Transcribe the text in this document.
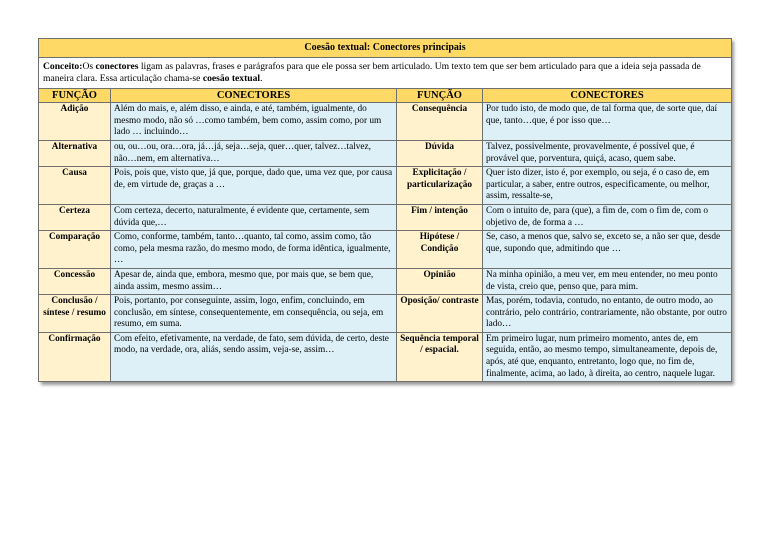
Coesão textual: Conectores principais			
Conceito:Os conectores ligam as palavras, frases e parágrafos para que ele possa ser bem articulado. Um texto tem que ser bem articulado para que a ideia seja passada de maneira clara. Essa articulação chama-se coesão textual.			
FUNÇÃO	CONECTORES	FUNÇÃO	CONECTORES
Adição	Além do mais, e, além disso, e ainda, e até, também, igualmente, do mesmo modo, não só …como também, bem como, assim como, por um lado … incluindo…	Consequência	Por tudo isto, de modo que, de tal forma que, de sorte que, daí que, tanto…que, é por isso que…
Alternativa	ou, ou…ou, ora…ora, já…já, seja…seja, quer…quer, talvez…talvez, não…nem, em alternativa…	Dúvida	Talvez, possivelmente, provavelmente, é possível que, é provável que, porventura, quiçá, acaso, quem sabe.
Causa	Pois, pois que, visto que, já que, porque, dado que, uma vez que, por causa de, em virtude de, graças a …	Explicitação / particularização	Quer isto dizer, isto é, por exemplo, ou seja, é o caso de, em particular, a saber, entre outros, especificamente, ou melhor, assim, ressalte-se,
Certeza	Com certeza, decerto, naturalmente, é evidente que, certamente, sem dúvida que,…	Fim / intenção	Com o intuito de, para (que), a fim de, com o fim de, com o objetivo de, de forma a …
Comparação	Como, conforme, também, tanto…quanto, tal como, assim como, tão como, pela mesma razão, do mesmo modo, de forma idêntica, igualmente, …	Hipótese / Condição	Se, caso, a menos que, salvo se, exceto se, a não ser que, desde que, supondo que, admitindo que …
Concessão	Apesar de, ainda que, embora, mesmo que, por mais que, se bem que, ainda assim, mesmo assim…	Opinião	Na minha opinião, a meu ver, em meu entender, no meu ponto de vista, creio que, penso que, para mim.
Conclusão / síntese / resumo	Pois, portanto, por conseguinte, assim, logo, enfim, concluindo, em conclusão, em síntese, consequentemente, em consequência, ou seja, em resumo, em suma.	Oposição/ contraste	Mas, porém, todavia, contudo, no entanto, de outro modo, ao contrário, pelo contrário, contrariamente, não obstante, por outro lado…
Confirmação	Com efeito, efetivamente, na verdade, de fato, sem dúvida, de certo, deste modo, na verdade, ora, aliás, sendo assim, veja-se, assim…	Sequência temporal / espacial.	Em primeiro lugar, num primeiro momento, antes de, em seguida, então, ao mesmo tempo, simultaneamente, depois de, após, até que, enquanto, entretanto, logo que, no fim de, finalmente, acima, ao lado, à direita, ao centro, naquele lugar.
